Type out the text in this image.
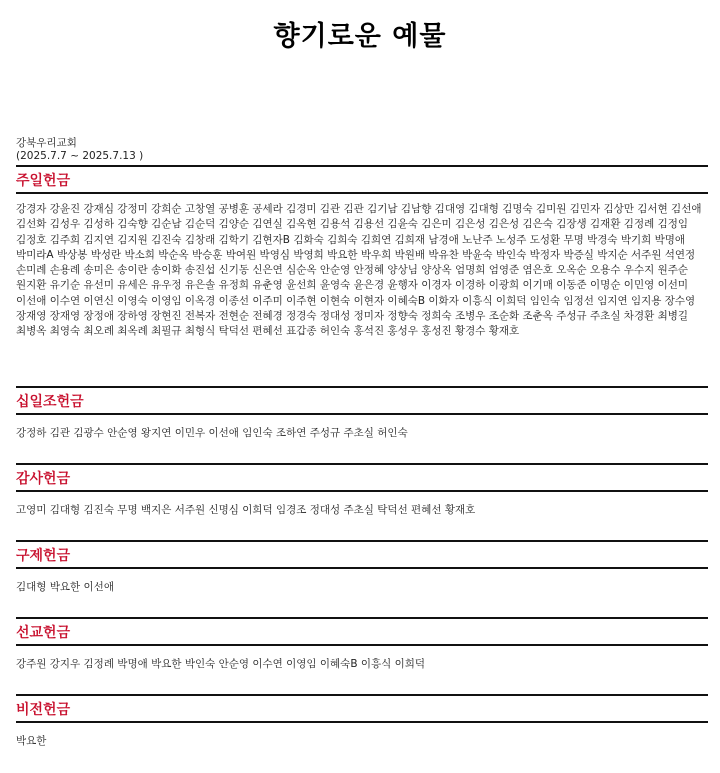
향기로운 예물
강북우리교회
(2025.7.7 ~ 2025.7.13 )
주일헌금
강경자 강윤진 강재심 강정미 강희순 고창열 공병훈 공세라 김경미 김관 김관 김기남 김남향 김대영 김대형 김명숙 김미원 김민자 김상만 김서현 김선애 김선화 김성우 김성하 김숙향 김순남 김순덕 김양순 김연실 김옥현 김용석 김용선 김윤숙 김은미 김은성 김은성 김은숙 김장생 김재환 김정례 김정임 김정호 김주희 김지연 김지원 김진숙 김창래 김학기 김현자B 김화숙 김희숙 김희연 김희재 남경애 노난주 노성주 도성환 무명 박경숙 박기희 박명애 박미라A 박상봉 박성란 박소희 박순옥 박승훈 박여원 박영심 박영희 박요한 박우희 박원배 박유찬 박윤숙 박인숙 박정자 박증실 박지순 서주원 석연정 손미례 손용례 송미은 송이란 송이화 송진섭 신기동 신은연 심순옥 안순영 안정혜 양상님 양상옥 엄명희 엄영준 염은호 오옥순 오용수 우수지 원주순 원지환 유기순 유선미 유세은 유우정 유은솔 유정희 유춘영 윤선희 윤영숙 윤은경 윤행자 이경자 이경하 이광희 이기매 이동준 이명순 이민영 이선미 이선애 이수연 이연신 이영숙 이영임 이옥경 이종선 이주미 이주현 이현숙 이현자 이혜숙B 이화자 이흥식 이희덕 임인숙 임정선 임지연 임지용 장수영 장재영 장재영 장정애 장하영 장현진 전복자 전현순 전혜경 정경숙 정대성 정미자 정향숙 정희숙 조병우 조순화 조춘옥 주성규 주초실 차경환 최병길 최병옥 최영숙 최오례 최옥례 최필규 최형식 탁덕선 편혜선 표갑종 허인숙 홍석진 홍성우 홍성진 황경수 황재호
십일조헌금
강정하 김관 김광수 안순영 왕지연 이민우 이선애 임인숙 조하연 주성규 주초실 허인숙
감사헌금
고영미 김대형 김진숙 무명 백지은 서주원 신명심 이희덕 임경조 정대성 주초실 탁덕선 편혜선 황재호
구제헌금
김대형 박요한 이선애
선교헌금
강주원 강지우 김정례 박명애 박요한 박인숙 안순영 이수연 이영임 이혜숙B 이흥식 이희덕
비전헌금
박요한
